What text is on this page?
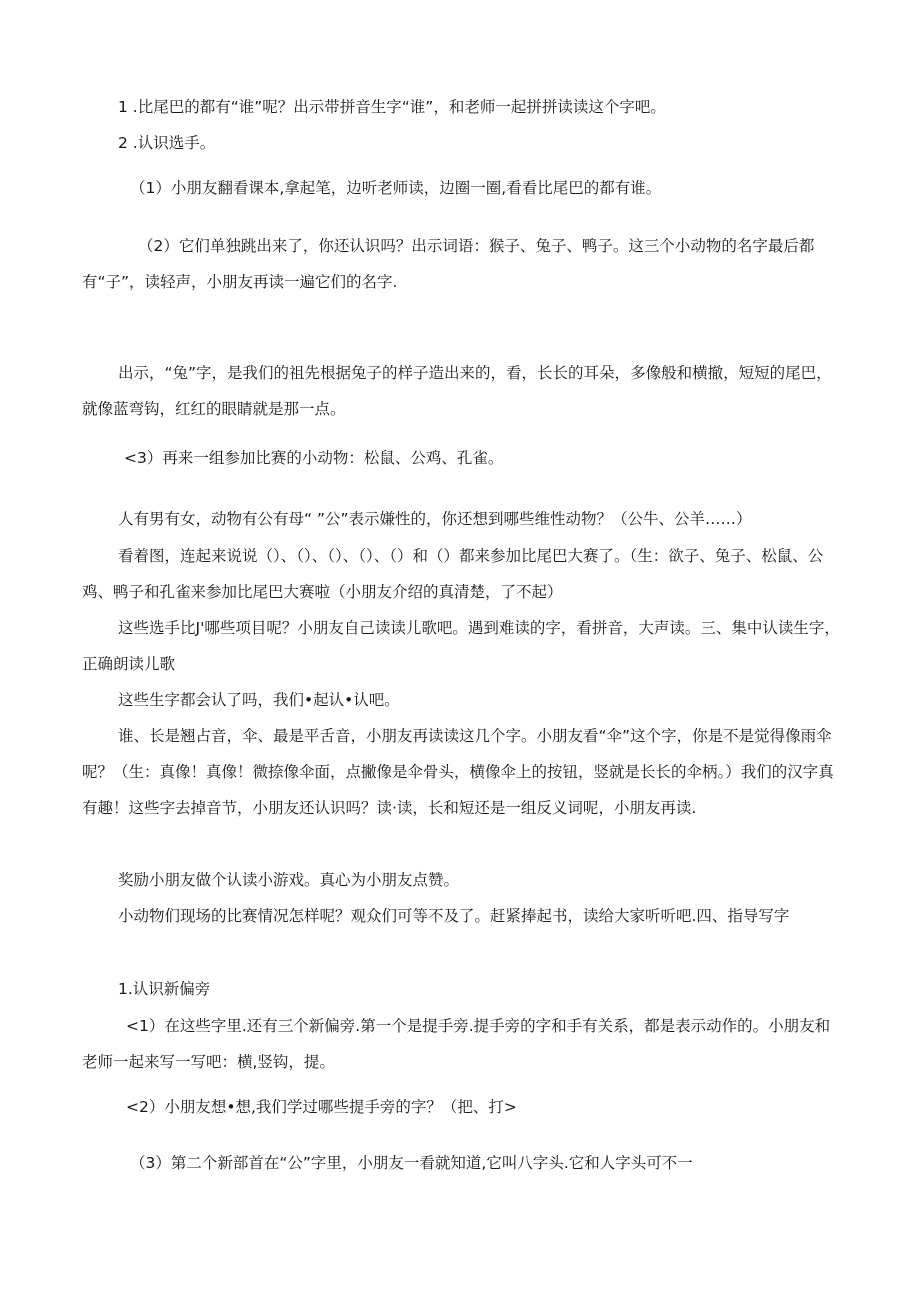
1 .比尾巴的都有“谁”呢？出示带拼音生字“谁”，和老师一起拼拼读读这个字吧。

2 .认识选手。

（1）小朋友翻看课本,拿起笔，边听老师读，边圈一圈,看看比尾巴的都有谁。

（2）它们单独跳出来了，你还认识吗？出示词语：猴子、兔子、鸭子。这三个小动物的名字最后都有“子”，读轻声，小朋友再读一遍它们的名字.

出示，“兔”字，是我们的祖先根据兔子的样子造出来的，看，长长的耳朵，多像般和横撤，短短的尾巴，就像蓝弯钩，红红的眼睛就是那一点。

<3）再来一组参加比赛的小动物：松鼠、公鸡、孔雀。

人有男有女，动物有公有母“ ”公”表示嫌性的，你还想到哪些维性动物？（公牛、公羊……）

看着图，连起来说说（）、（）、（）、（）、（）和（）都来参加比尾巴大赛了。（生：欲子、兔子、松鼠、公鸡、鸭子和孔雀来参加比尾巴大赛啦（小朋友介绍的真清楚，了不起）

这些选手比J'哪些项目呢？小朋友自己读读儿歌吧。遇到难读的字，看拼音，大声读。三、集中认读生字，正确朗读儿歌

这些生字都会认了吗，我们•起认•认吧。

谁、长是翘占音，伞、最是平舌音，小朋友再读读这几个字。小朋友看“伞”这个字，你是不是觉得像雨伞呢？（生：真像！真像！微捺像伞面，点撇像是伞骨头，横像伞上的按钮，竖就是长长的伞柄。）我们的汉字真有趣！这些字去掉音节，小朋友还认识吗？读·读，长和短还是一组反义词呢，小朋友再读.

奖励小朋友做个认读小游戏。真心为小朋友点赞。

小动物们现场的比赛情况怎样呢？观众们可等不及了。赶紧捧起书，读给大家听听吧.四、指导写字

1.认识新偏旁

<1）在这些字里.还有三个新偏旁.第一个是提手旁.提手旁的字和手有关系，都是表示动作的。小朋友和老师一起来写一写吧：横,竖钩，提。

<2）小朋友想•想,我们学过哪些提手旁的字？（把、打>

（3）第二个新部首在“公”字里，小朋友一看就知道,它叫八字头.它和人字头可不一
